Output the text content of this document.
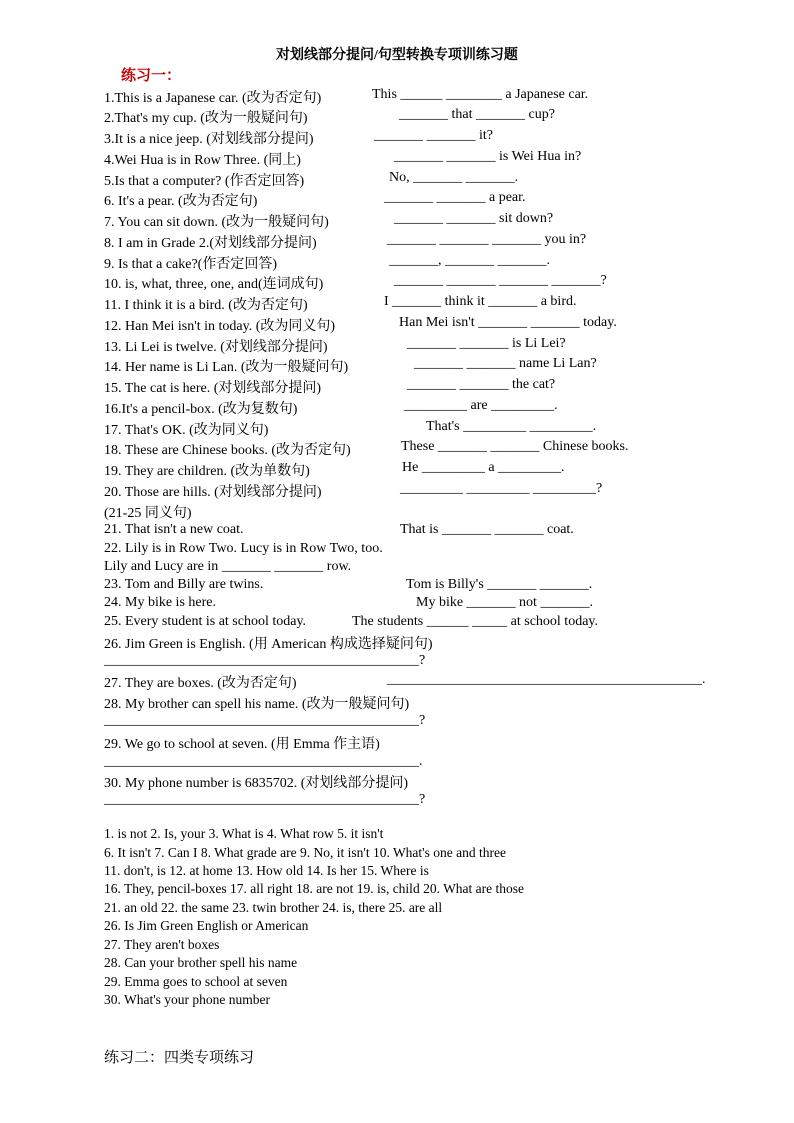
对划线部分提问/句型转换专项训练习题
练习一：
1.This is a Japanese car. (改为否定句)	This ______ ________ a Japanese car.
2.That's my cup. (改为一般疑问句)	_______ that _______ cup?
3.It is a nice jeep. (对划线部分提问)	_______ _______ it?
4.Wei Hua is in Row Three. (同上)	_______ _______ is Wei Hua in?
5.Is that a computer? (作否定回答)	No, _______ _______.
6. It's a pear. (改为否定句)	_______ _______ a pear.
7. You can sit down. (改为一般疑问句)	_______ _______ sit down?
8. I am in Grade 2.(对划线部分提问)	_______ _______ _______ you in?
9. Is that a cake?(作否定回答)	_______, _______ _______.
10. is, what, three, one, and(连词成句)	_______ _______ _______ _______?
11. I think it is a bird. (改为否定句)	I _______ think it _______ a bird.
12. Han Mei isn't in today. (改为同义句)	Han Mei isn't _______ _______ today.
13. Li Lei is twelve. (对划线部分提问)	_______ _______ is Li Lei?
14. Her name is Li Lan. (改为一般疑问句)	_______ _______ name Li Lan?
15. The cat is here. (对划线部分提问)	_______ _______ the cat?
16.It's a pencil-box. (改为复数句)	_________ are _________.
17. That's OK. (改为同义句)	That's _________ _________.
18. These are Chinese books. (改为否定句)	These _______ _______ Chinese books.
19. They are children. (改为单数句)	He _________ a _________.
20. Those are hills. (对划线部分提问)	_________ _________ _________?
(21-25 同义句)
21. That isn't a new coat.	That is _______ _______ coat.
22. Lily is in Row Two. Lucy is in Row Two, too.
Lily and Lucy are in _______ _______ row.
23. Tom and Billy are twins.	Tom is Billy's _______ _______.
24. My bike is here.	My bike _______ not _______.
25. Every student is at school today.	The students ______ _____ at school today.
26. Jim Green is English. (用 American 构成选择疑问句)
_____________________________________________?
27. They are boxes. (改为否定句)	_____________________________________________.
28. My brother can spell his name. (改为一般疑问句)
_____________________________________________?
29. We go to school at seven. (用 Emma 作主语)
_____________________________________________.
30. My phone number is 6835702. (对划线部分提问)
_____________________________________________?
1. is not 2. Is, your 3. What is 4. What row 5. it isn't
6. It isn't 7. Can I 8. What grade are 9. No, it isn't 10. What's one and three
11. don't, is 12. at home 13. How old 14. Is her 15. Where is
16. They, pencil-boxes 17. all right 18. are not 19. is, child 20. What are those
21. an old 22. the same 23. twin brother 24. is, there 25. are all
26. Is Jim Green English or American
27. They aren't boxes
28. Can your brother spell his name
29. Emma goes to school at seven
30. What's your phone number
练习二：四类专项练习
